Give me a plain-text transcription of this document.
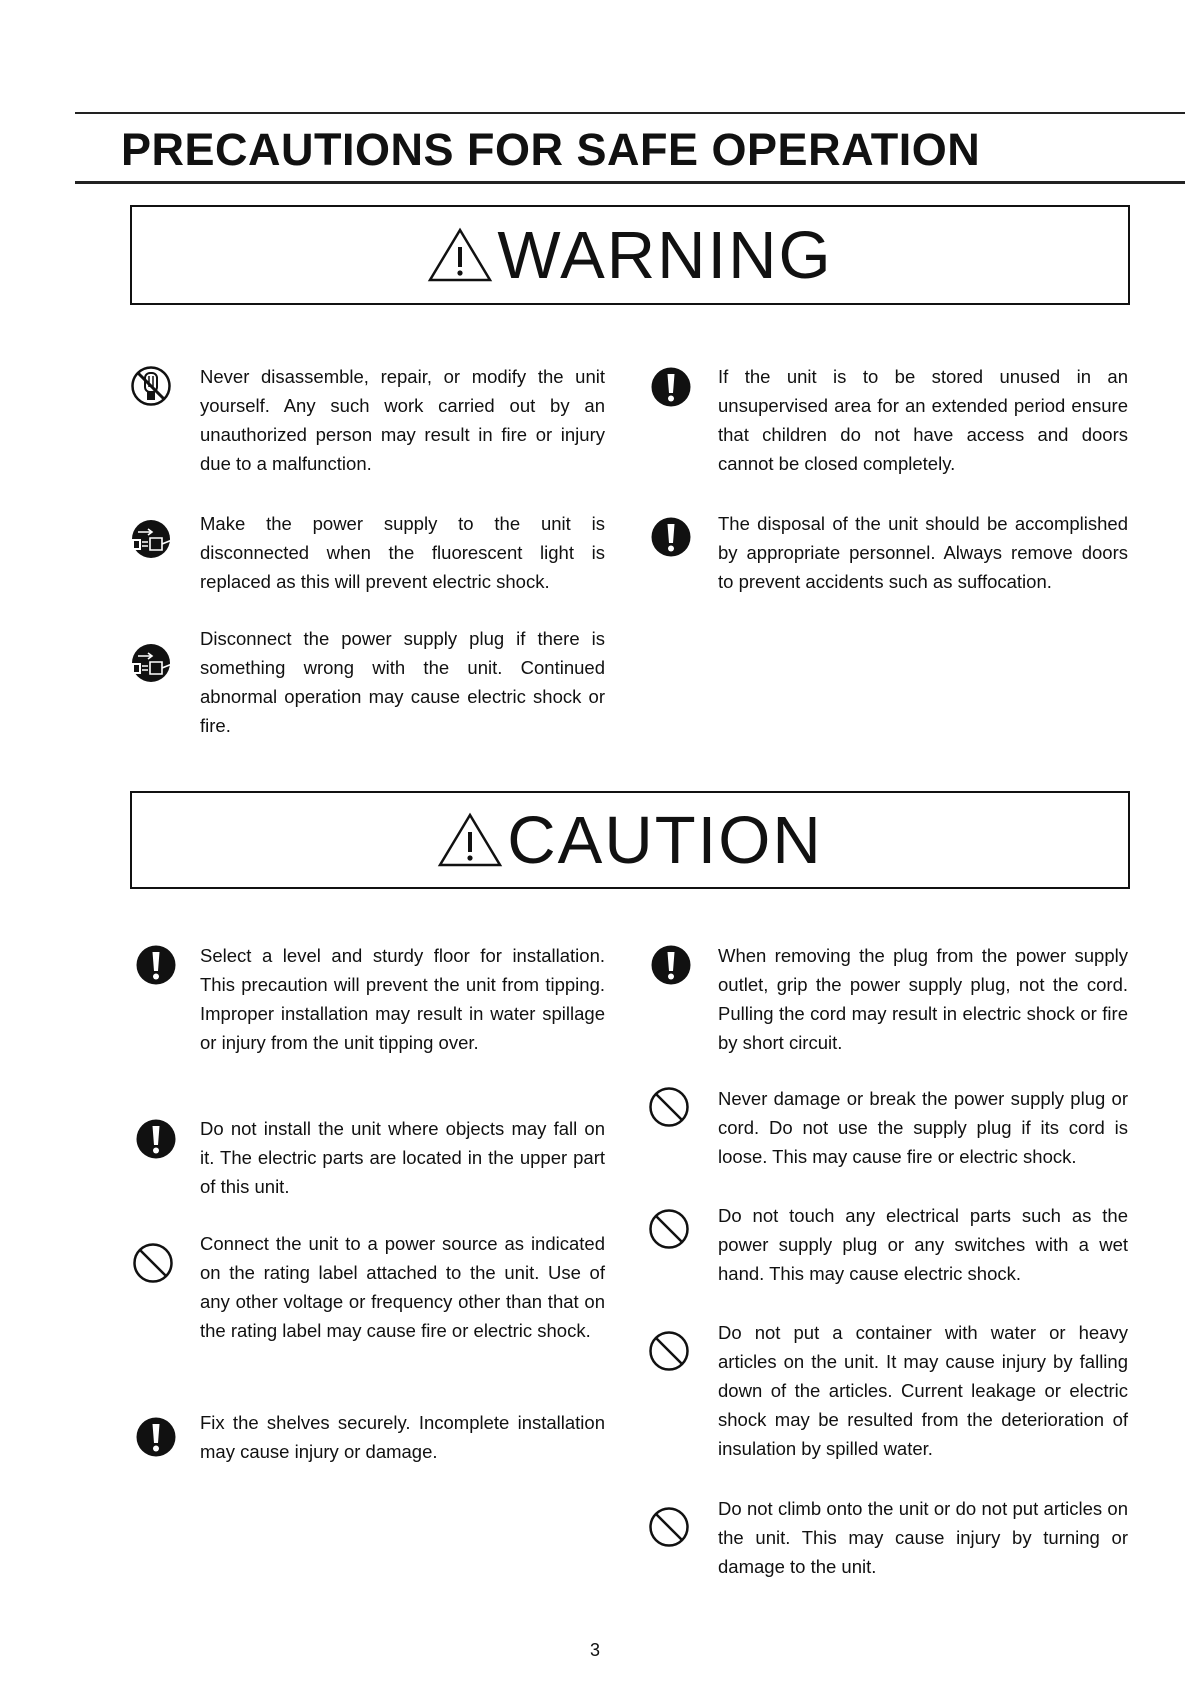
PRECAUTIONS FOR SAFE OPERATION
WARNING

Never disassemble, repair, or modify the unit yourself. Any such work carried out by an unauthorized person may result in fire or injury due to a malfunction.

Make the power supply to the unit is disconnected when the fluorescent light is replaced as this will prevent electric shock.

Disconnect the power supply plug if there is something wrong with the unit. Continued abnormal operation may cause electric shock or fire.

If the unit is to be stored unused in an unsupervised area for an extended period ensure that children do not have access and doors cannot be closed completely.

The disposal of the unit should be accomplished by appropriate personnel. Always remove doors to prevent accidents such as suffocation.

CAUTION

Select a level and sturdy floor for installation. This precaution will prevent the unit from tipping. Improper installation may result in water spillage or injury from the unit tipping over.

Do not install the unit where objects may fall on it. The electric parts are located in the upper part of this unit.

Connect the unit to a power source as indicated on the rating label attached to the unit. Use of any other voltage or frequency other than that on the rating label may cause fire or electric shock.

Fix the shelves securely. Incomplete installation may cause injury or damage.

When removing the plug from the power supply outlet, grip the power supply plug, not the cord. Pulling the cord may result in electric shock or fire by short circuit.

Never damage or break the power supply plug or cord. Do not use the supply plug if its cord is loose. This may cause fire or electric shock.

Do not touch any electrical parts such as the power supply plug or any switches with a wet hand. This may cause electric shock.

Do not put a container with water or heavy articles on the unit. It may cause injury by falling down of the articles. Current leakage or electric shock may be resulted from the deterioration of insulation by spilled water.

Do not climb onto the unit or do not put articles on the unit. This may cause injury by turning or damage to the unit.

3
